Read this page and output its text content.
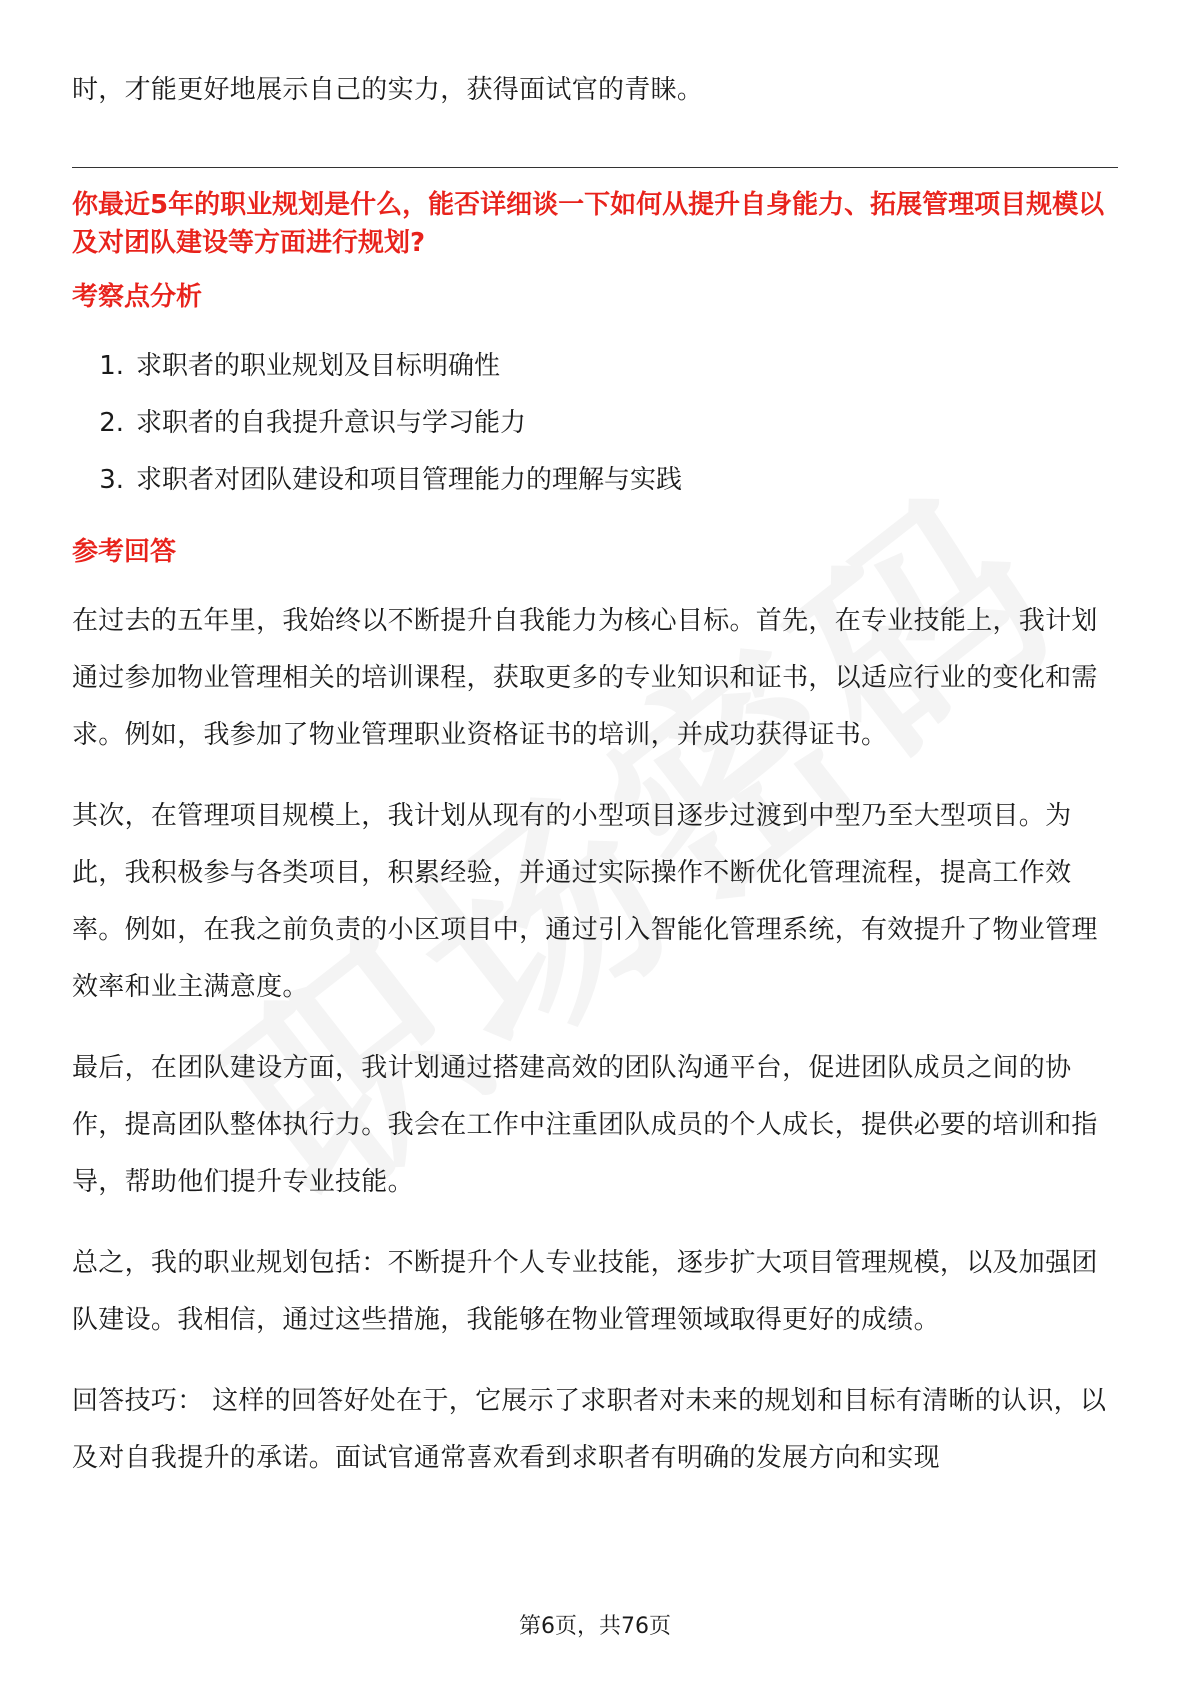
时，才能更好地展示自己的实力，获得面试官的青睐。

你最近5年的职业规划是什么，能否详细谈一下如何从提升自身能力、拓展管理项目规模以及对团队建设等方面进行规划?

考察点分析

1. 求职者的职业规划及目标明确性
2. 求职者的自我提升意识与学习能力
3. 求职者对团队建设和项目管理能力的理解与实践

参考回答

在过去的五年里，我始终以不断提升自我能力为核心目标。首先，在专业技能上，我计划通过参加物业管理相关的培训课程，获取更多的专业知识和证书，以适应行业的变化和需求。例如，我参加了物业管理职业资格证书的培训，并成功获得证书。

其次，在管理项目规模上，我计划从现有的小型项目逐步过渡到中型乃至大型项目。为此，我积极参与各类项目，积累经验，并通过实际操作不断优化管理流程，提高工作效率。例如，在我之前负责的小区项目中，通过引入智能化管理系统，有效提升了物业管理效率和业主满意度。

最后，在团队建设方面，我计划通过搭建高效的团队沟通平台，促进团队成员之间的协作，提高团队整体执行力。我会在工作中注重团队成员的个人成长，提供必要的培训和指导，帮助他们提升专业技能。

总之，我的职业规划包括：不断提升个人专业技能，逐步扩大项目管理规模，以及加强团队建设。我相信，通过这些措施，我能够在物业管理领域取得更好的成绩。

回答技巧： 这样的回答好处在于，它展示了求职者对未来的规划和目标有清晰的认识，以及对自我提升的承诺。面试官通常喜欢看到求职者有明确的发展方向和实现

第6页，共76页
